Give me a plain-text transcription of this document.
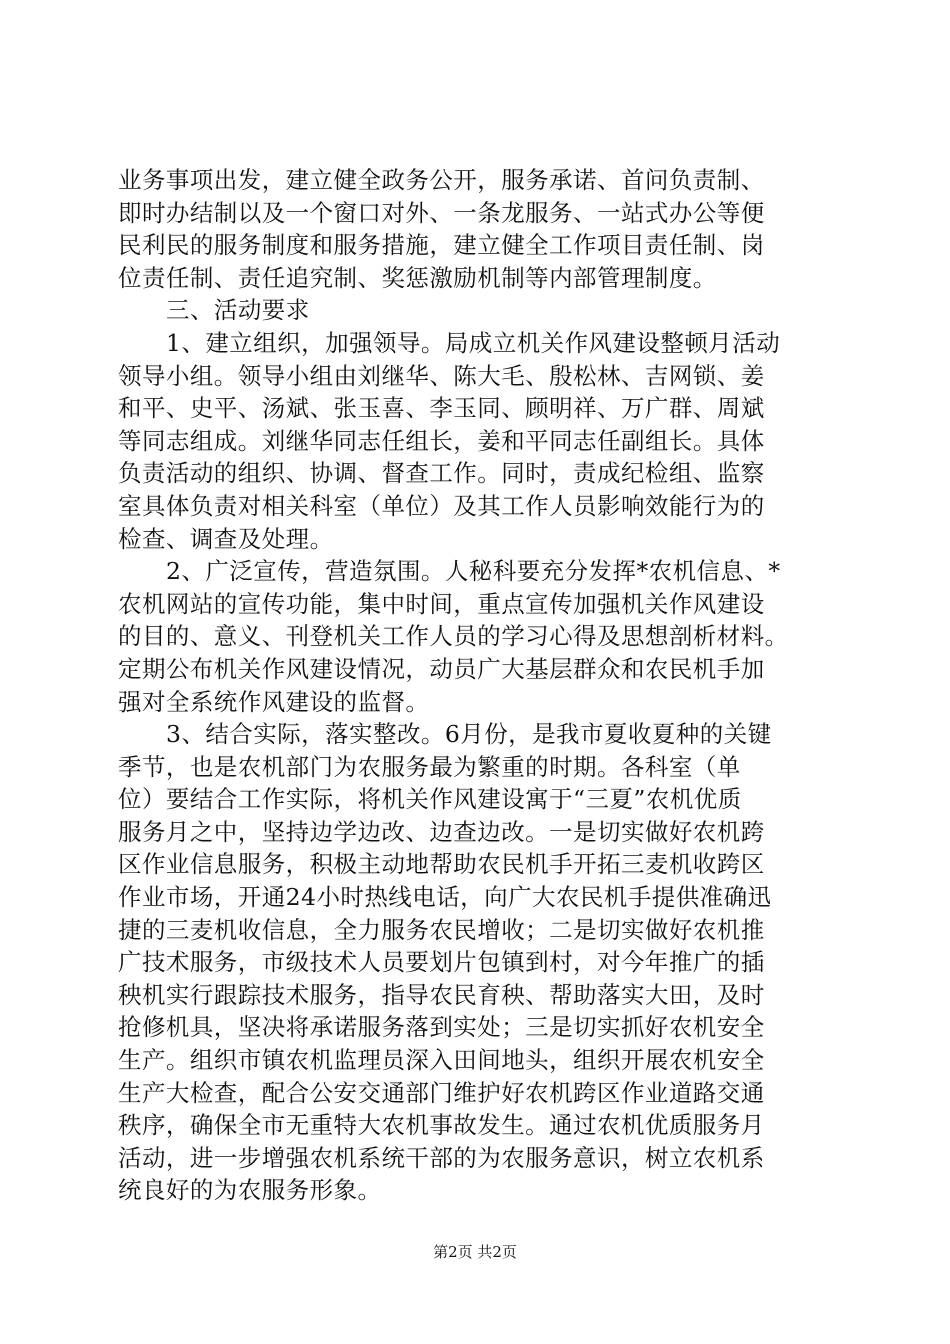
业务事项出发，建立健全政务公开，服务承诺、首问负责制、
即时办结制以及一个窗口对外、一条龙服务、一站式办公等便
民利民的服务制度和服务措施，建立健全工作项目责任制、岗
位责任制、责任追究制、奖惩激励机制等内部管理制度。
三、活动要求
1、建立组织，加强领导。局成立机关作风建设整顿月活动
领导小组。领导小组由刘继华、陈大毛、殷松林、吉网锁、姜
和平、史平、汤斌、张玉喜、李玉同、顾明祥、万广群、周斌
等同志组成。刘继华同志任组长，姜和平同志任副组长。具体
负责活动的组织、协调、督查工作。同时，责成纪检组、监察
室具体负责对相关科室（单位）及其工作人员影响效能行为的
检查、调查及处理。
2、广泛宣传，营造氛围。人秘科要充分发挥*农机信息、*
农机网站的宣传功能，集中时间，重点宣传加强机关作风建设
的目的、意义、刊登机关工作人员的学习心得及思想剖析材料。
定期公布机关作风建设情况，动员广大基层群众和农民机手加
强对全系统作风建设的监督。
3、结合实际，落实整改。6月份，是我市夏收夏种的关键
季节，也是农机部门为农服务最为繁重的时期。各科室（单
位）要结合工作实际，将机关作风建设寓于“三夏”农机优质
服务月之中，坚持边学边改、边查边改。一是切实做好农机跨
区作业信息服务，积极主动地帮助农民机手开拓三麦机收跨区
作业市场，开通24小时热线电话，向广大农民机手提供准确迅
捷的三麦机收信息，全力服务农民增收；二是切实做好农机推
广技术服务，市级技术人员要划片包镇到村，对今年推广的插
秧机实行跟踪技术服务，指导农民育秧、帮助落实大田，及时
抢修机具，坚决将承诺服务落到实处；三是切实抓好农机安全
生产。组织市镇农机监理员深入田间地头，组织开展农机安全
生产大检查，配合公安交通部门维护好农机跨区作业道路交通
秩序，确保全市无重特大农机事故发生。通过农机优质服务月
活动，进一步增强农机系统干部的为农服务意识，树立农机系
统良好的为农服务形象。
第2页 共2页
